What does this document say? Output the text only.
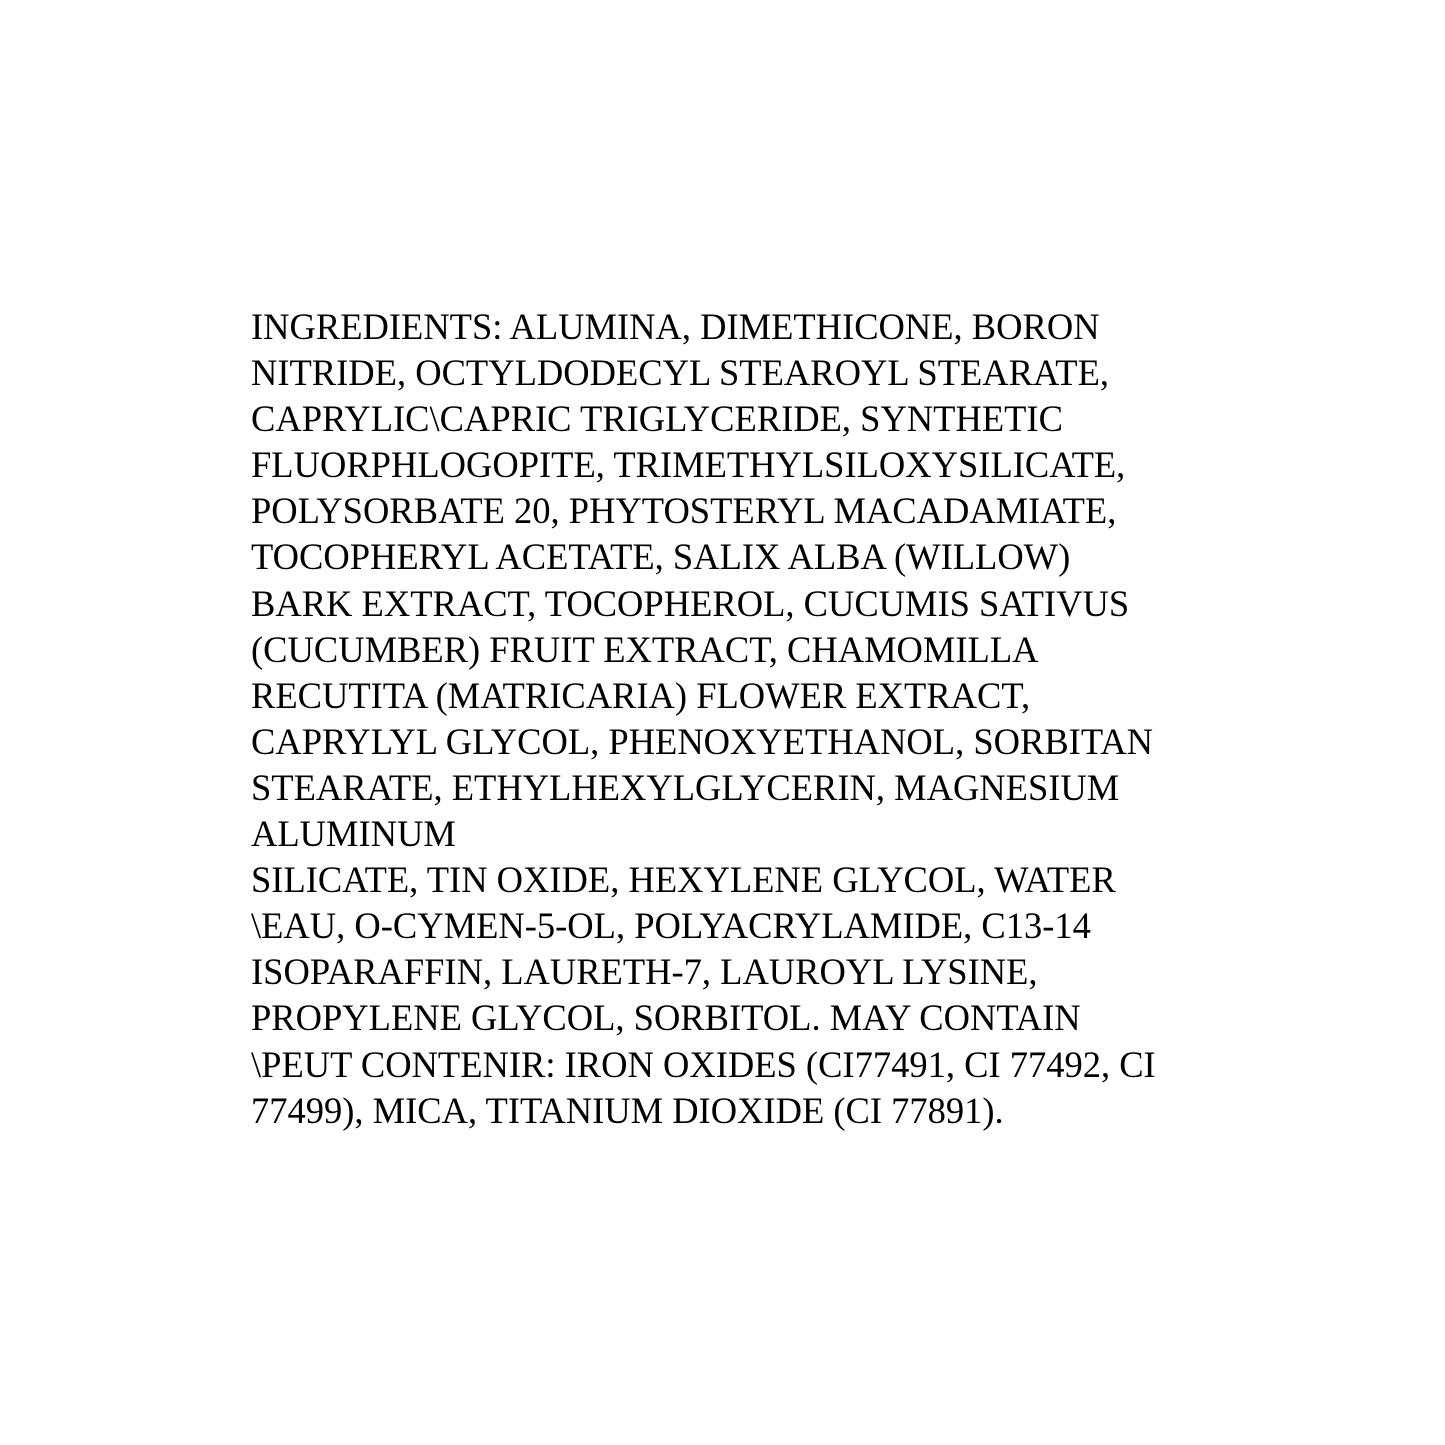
INGREDIENTS: ALUMINA, DIMETHICONE, BORON
NITRIDE, OCTYLDODECYL STEAROYL STEARATE,
CAPRYLIC\CAPRIC TRIGLYCERIDE, SYNTHETIC
FLUORPHLOGOPITE, TRIMETHYLSILOXYSILICATE,
POLYSORBATE 20, PHYTOSTERYL MACADAMIATE,
TOCOPHERYL ACETATE, SALIX ALBA (WILLOW)
BARK EXTRACT, TOCOPHEROL, CUCUMIS SATIVUS
(CUCUMBER) FRUIT EXTRACT, CHAMOMILLA
RECUTITA (MATRICARIA) FLOWER EXTRACT,
CAPRYLYL GLYCOL, PHENOXYETHANOL, SORBITAN
STEARATE, ETHYLHEXYLGLYCERIN, MAGNESIUM
ALUMINUM
SILICATE, TIN OXIDE, HEXYLENE GLYCOL, WATER
\EAU, O-CYMEN-5-OL, POLYACRYLAMIDE, C13-14
ISOPARAFFIN, LAURETH-7, LAUROYL LYSINE,
PROPYLENE GLYCOL, SORBITOL. MAY CONTAIN
\PEUT CONTENIR: IRON OXIDES (CI77491, CI 77492, CI
77499), MICA, TITANIUM DIOXIDE (CI 77891).
